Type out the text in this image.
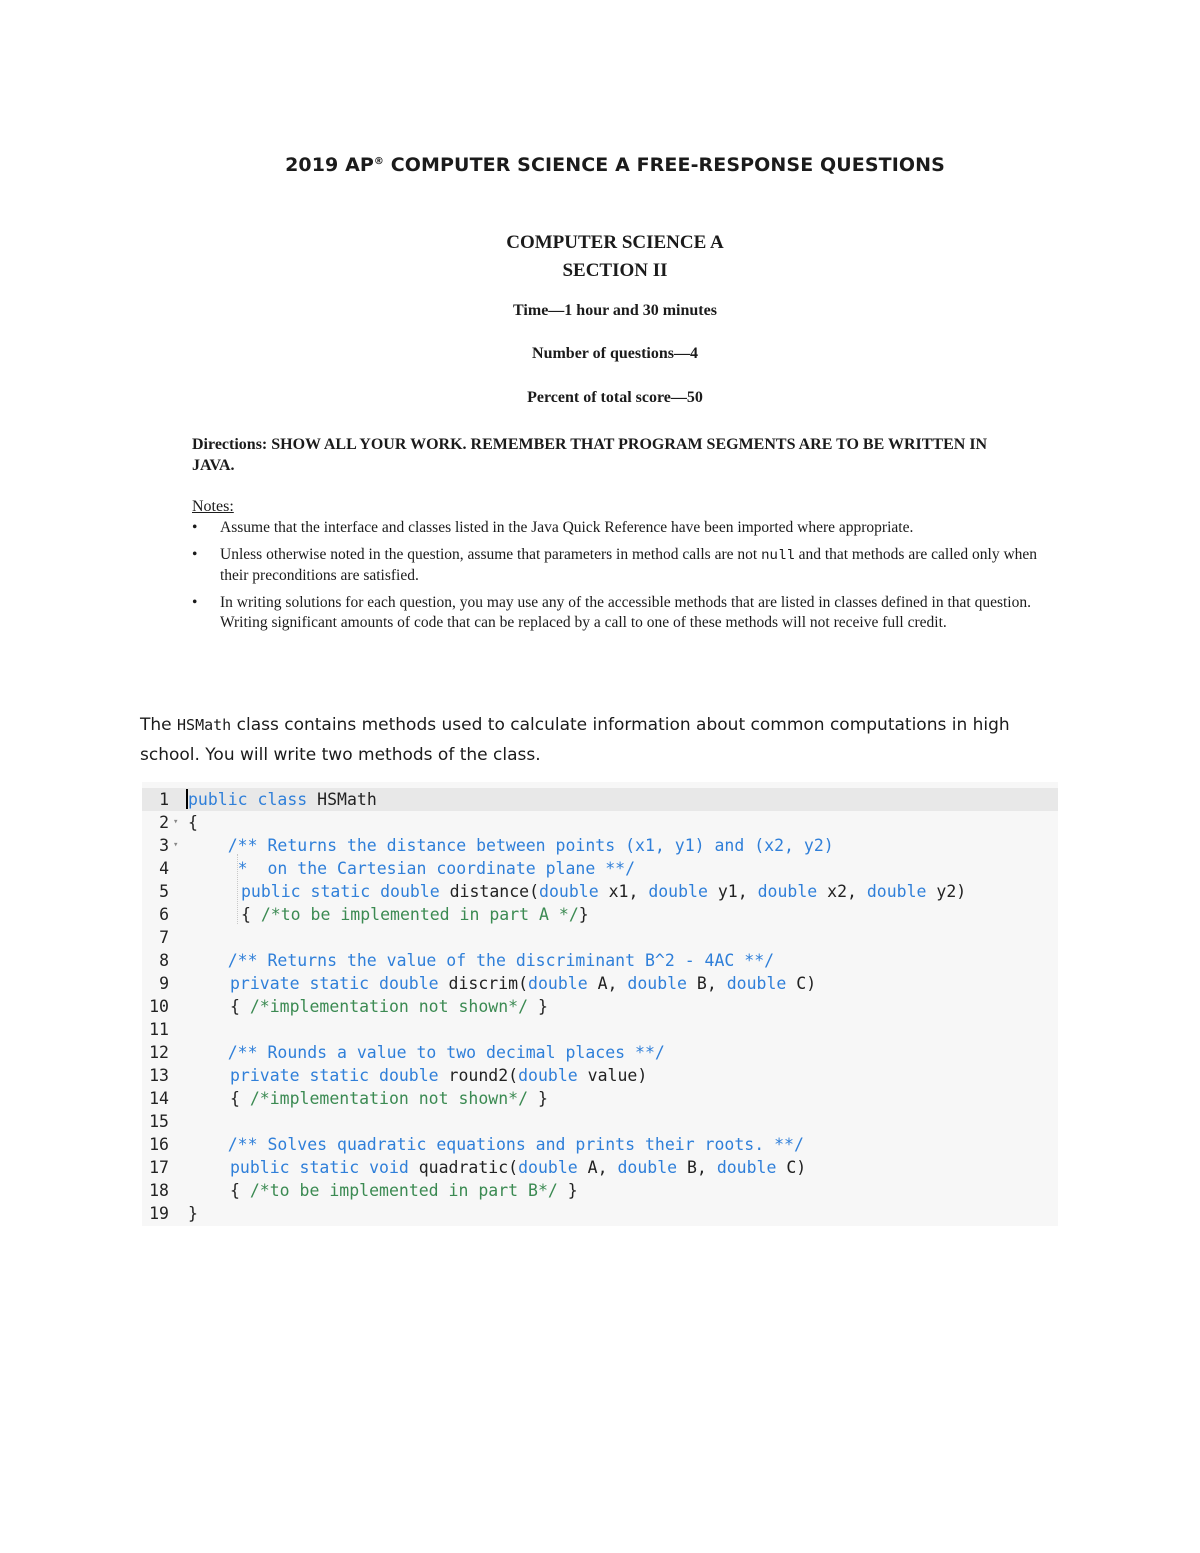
2019 AP® COMPUTER SCIENCE A FREE-RESPONSE QUESTIONS
COMPUTER SCIENCE A
SECTION II
Time—1 hour and 30 minutes
Number of questions—4
Percent of total score—50
Directions: SHOW ALL YOUR WORK. REMEMBER THAT PROGRAM SEGMENTS ARE TO BE WRITTEN IN JAVA.
Notes:
• Assume that the interface and classes listed in the Java Quick Reference have been imported where appropriate.
• Unless otherwise noted in the question, assume that parameters in method calls are not null and that methods are called only when their preconditions are satisfied.
• In writing solutions for each question, you may use any of the accessible methods that are listed in classes defined in that question. Writing significant amounts of code that can be replaced by a call to one of these methods will not receive full credit.
The HSMath class contains methods used to calculate information about common computations in high school. You will write two methods of the class.
1 public class HSMath
2 ▾ {
3 ▾ /** Returns the distance between points (x1, y1) and (x2, y2)
4 *  on the Cartesian coordinate plane **/
5	public static double distance(double x1, double y1, double x2, double y2)
6	{ /*to be implemented in part A */}
7
8 /** Returns the value of the discriminant B^2 - 4AC **/
9	private static double discrim(double A, double B, double C)
10	{ /*implementation not shown*/ }
11
12 /** Rounds a value to two decimal places **/
13	private static double round2(double value)
14	{ /*implementation not shown*/ }
15
16 /** Solves quadratic equations and prints their roots. **/
17	public static void quadratic(double A, double B, double C)
18	{ /*to be implemented in part B*/ }
19 }
